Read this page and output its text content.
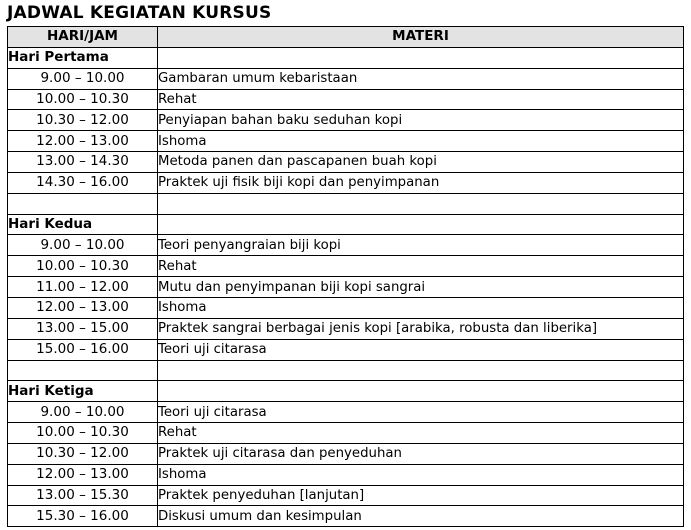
JADWAL KEGIATAN KURSUS
HARI/JAM	MATERI
Hari Pertama	
9.00 – 10.00	Gambaran umum kebaristaan
10.00 – 10.30	Rehat
10.30 – 12.00	Penyiapan bahan baku seduhan kopi
12.00 – 13.00	Ishoma
13.00 – 14.30	Metoda panen dan pascapanen buah kopi
14.30 – 16.00	Praktek uji fisik biji kopi dan penyimpanan

Hari Kedua	
9.00 – 10.00	Teori penyangraian biji kopi
10.00 – 10.30	Rehat
11.00 – 12.00	Mutu dan penyimpanan biji kopi sangrai
12.00 – 13.00	Ishoma
13.00 – 15.00	Praktek sangrai berbagai jenis kopi [arabika, robusta dan liberika]
15.00 – 16.00	Teori uji citarasa

Hari Ketiga	
9.00 – 10.00	Teori uji citarasa
10.00 – 10.30	Rehat
10.30 – 12.00	Praktek uji citarasa dan penyeduhan
12.00 – 13.00	Ishoma
13.00 – 15.30	Praktek penyeduhan [lanjutan]
15.30 – 16.00	Diskusi umum dan kesimpulan
